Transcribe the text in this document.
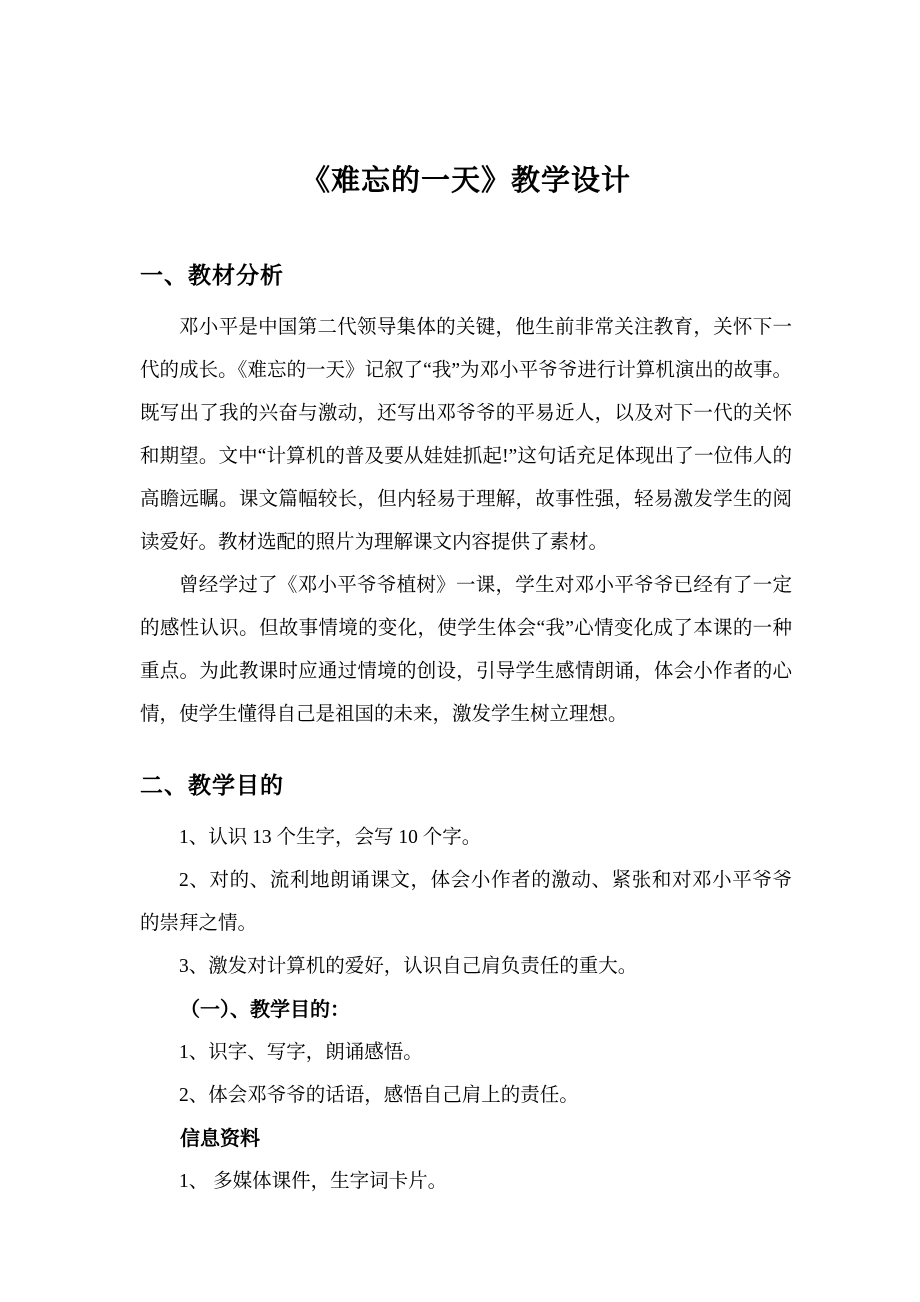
《难忘的一天》教学设计
一、教材分析

邓小平是中国第二代领导集体的关键，他生前非常关注教育，关怀下一代的成长。《难忘的一天》记叙了“我”为邓小平爷爷进行计算机演出的故事。既写出了我的兴奋与激动，还写出邓爷爷的平易近人，以及对下一代的关怀和期望。文中“计算机的普及要从娃娃抓起!”这句话充足体现出了一位伟人的高瞻远瞩。课文篇幅较长，但内轻易于理解，故事性强，轻易激发学生的阅读爱好。教材选配的照片为理解课文内容提供了素材。

曾经学过了《邓小平爷爷植树》一课，学生对邓小平爷爷已经有了一定的感性认识。但故事情境的变化，使学生体会“我”心情变化成了本课的一种重点。为此教课时应通过情境的创设，引导学生感情朗诵，体会小作者的心情，使学生懂得自己是祖国的未来，激发学生树立理想。

二、教学目的

1、认识 13 个生字，会写 10 个字。

2、对的、流利地朗诵课文，体会小作者的激动、紧张和对邓小平爷爷的崇拜之情。

3、激发对计算机的爱好，认识自己肩负责任的重大。

（一）、教学目的：

1、识字、写字，朗诵感悟。

2、体会邓爷爷的话语，感悟自己肩上的责任。

信息资料

1、 多媒体课件，生字词卡片。
